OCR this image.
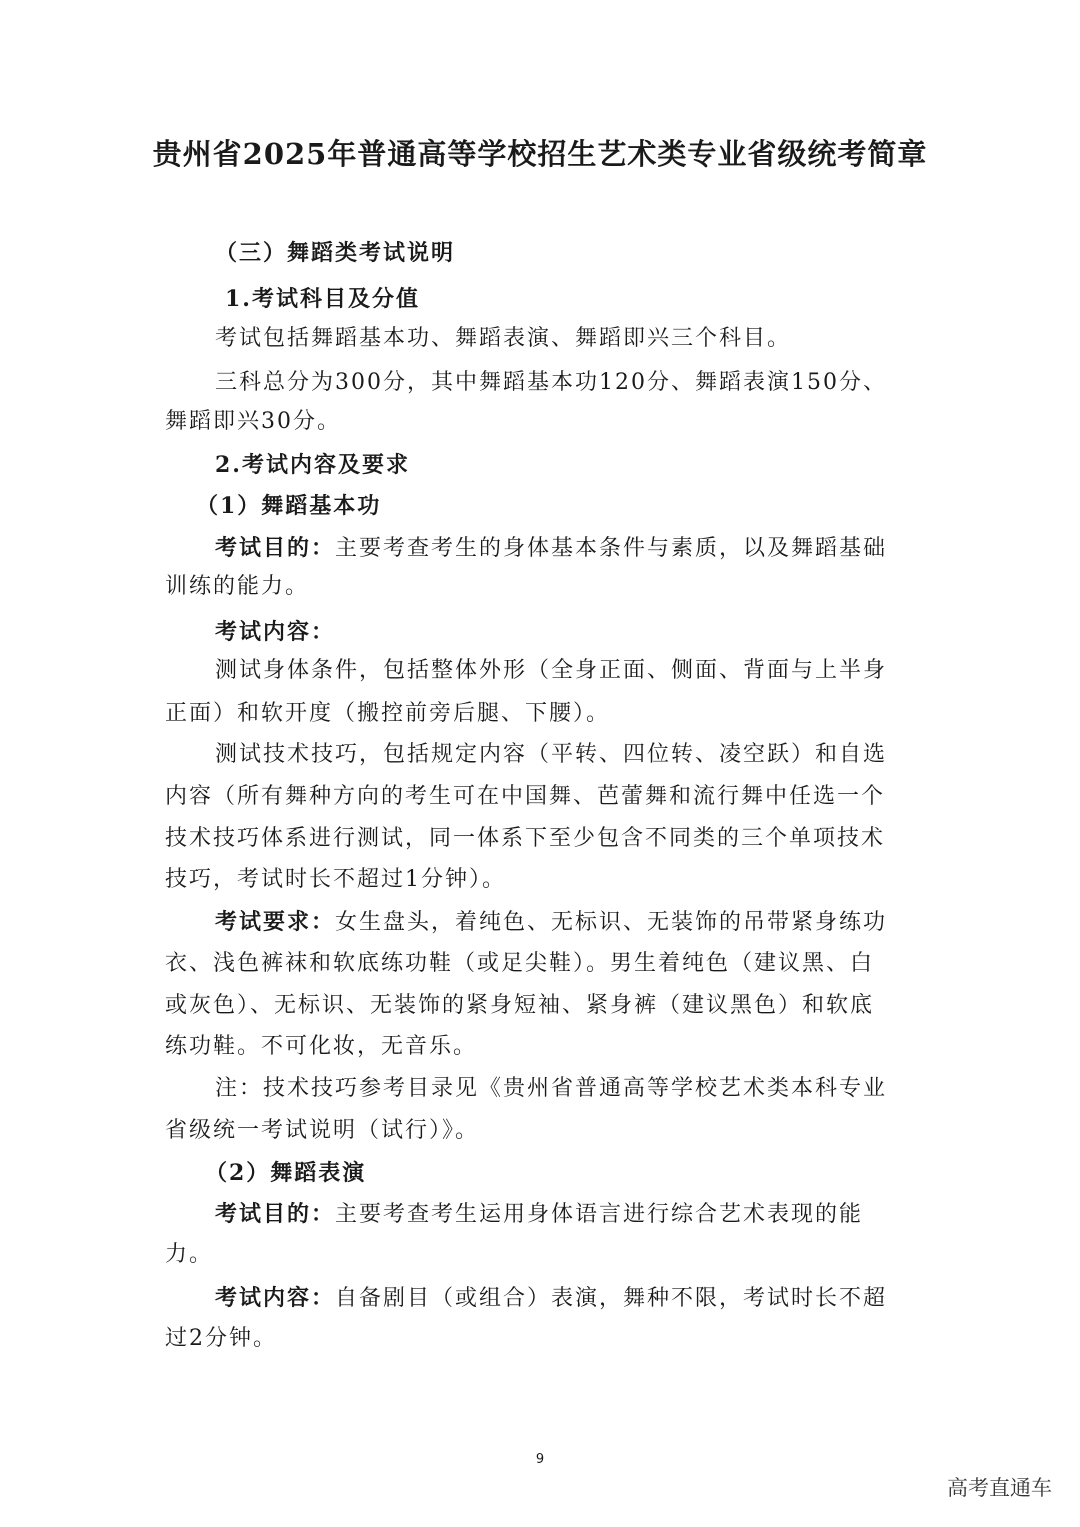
贵州省2025年普通高等学校招生艺术类专业省级统考简章
（三）舞蹈类考试说明
1.考试科目及分值
考试包括舞蹈基本功、舞蹈表演、舞蹈即兴三个科目。
三科总分为300分，其中舞蹈基本功120分、舞蹈表演150分、
舞蹈即兴30分。
2.考试内容及要求
（1）舞蹈基本功
考试目的：主要考查考生的身体基本条件与素质，以及舞蹈基础
训练的能力。
考试内容：
测试身体条件，包括整体外形（全身正面、侧面、背面与上半身
正面）和软开度（搬控前旁后腿、下腰）。
测试技术技巧，包括规定内容（平转、四位转、凌空跃）和自选
内容（所有舞种方向的考生可在中国舞、芭蕾舞和流行舞中任选一个
技术技巧体系进行测试，同一体系下至少包含不同类的三个单项技术
技巧，考试时长不超过1分钟）。
考试要求：女生盘头，着纯色、无标识、无装饰的吊带紧身练功
衣、浅色裤袜和软底练功鞋（或足尖鞋）。男生着纯色（建议黑、白
或灰色）、无标识、无装饰的紧身短袖、紧身裤（建议黑色）和软底
练功鞋。不可化妆，无音乐。
注：技术技巧参考目录见《贵州省普通高等学校艺术类本科专业
省级统一考试说明（试行）》。
（2）舞蹈表演
考试目的：主要考查考生运用身体语言进行综合艺术表现的能
力。
考试内容：自备剧目（或组合）表演，舞种不限，考试时长不超
过2分钟。
9
高考直通车
